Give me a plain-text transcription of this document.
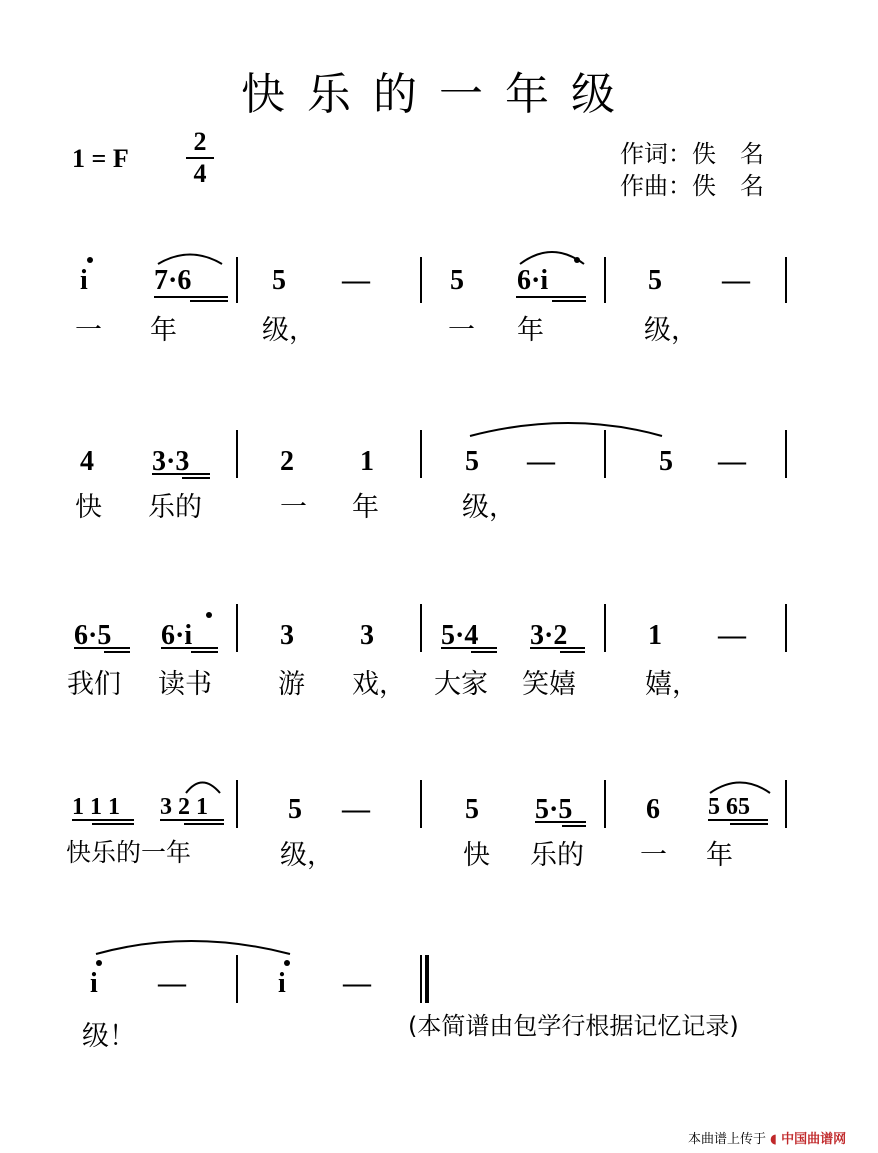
快乐的一年级
1 = F
2
4
作词：佚　名
作曲：佚　名
i 7·6	5 —	5 6·i	5 —
一 年	级，	一 年	级，
4 3·3	2 1	5 —	5 —
快 乐的	一 年	级，
6·5 6·i	3 3 5·4 3·2	1 —
我们 读书 游 戏， 大家 笑嬉	嬉，
1 1 1 3 2 1	5 —	5 5·5	6 5 65
快乐的一年	级，	快 乐的 一 年
i —	i —
级！	(本简谱由包学行根据记忆记录)
本曲谱上传于 ◖ 中国曲谱网
